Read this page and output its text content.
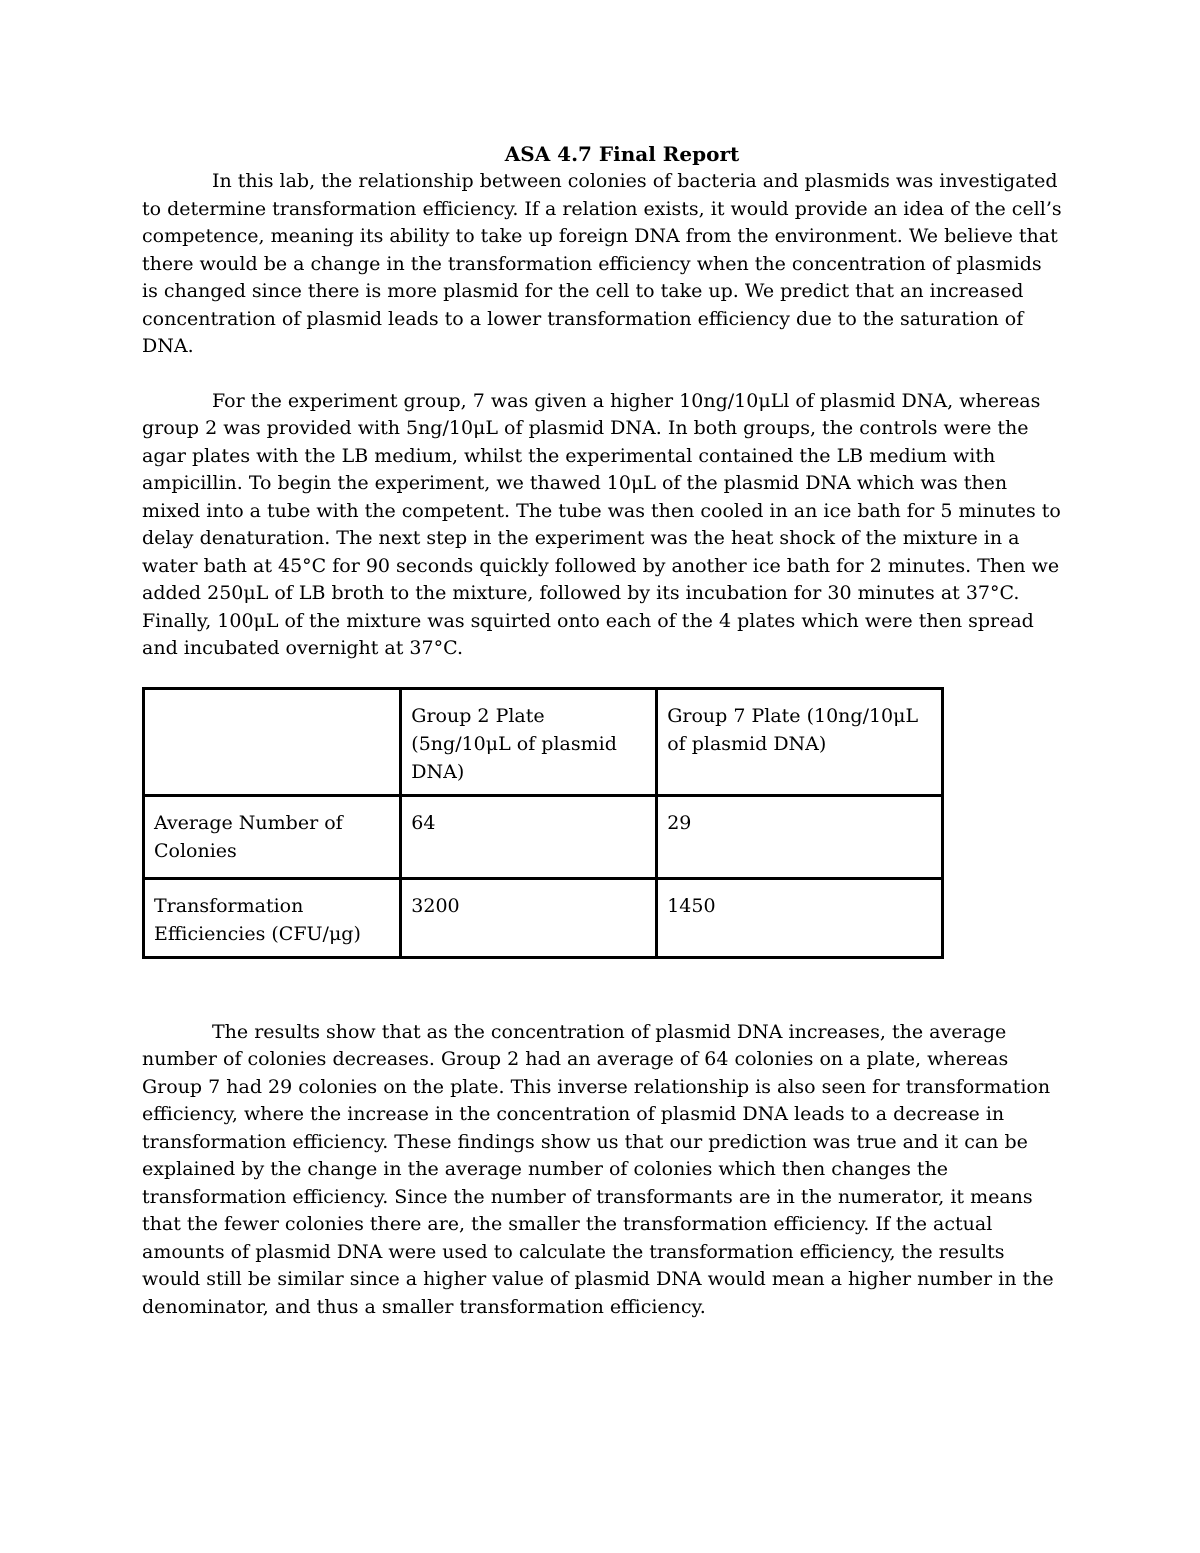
ASA 4.7 Final Report

In this lab, the relationship between colonies of bacteria and plasmids was investigated to determine transformation efficiency. If a relation exists, it would provide an idea of the cell’s competence, meaning its ability to take up foreign DNA from the environment. We believe that there would be a change in the transformation efficiency when the concentration of plasmids is changed since there is more plasmid for the cell to take up. We predict that an increased concentration of plasmid leads to a lower transformation efficiency due to the saturation of DNA.

For the experiment group, 7 was given a higher 10ng/10μLl of plasmid DNA, whereas group 2 was provided with 5ng/10μL of plasmid DNA. In both groups, the controls were the agar plates with the LB medium, whilst the experimental contained the LB medium with ampicillin. To begin the experiment, we thawed 10μL of the plasmid DNA which was then mixed into a tube with the competent. The tube was then cooled in an ice bath for 5 minutes to delay denaturation. The next step in the experiment was the heat shock of the mixture in a water bath at 45°C for 90 seconds quickly followed by another ice bath for 2 minutes. Then we added 250μL of LB broth to the mixture, followed by its incubation for 30 minutes at 37°C. Finally, 100μL of the mixture was squirted onto each of the 4 plates which were then spread and incubated overnight at 37°C.

	Group 2 Plate (5ng/10μL of plasmid DNA)	Group 7 Plate (10ng/10μL of plasmid DNA)
Average Number of Colonies	64	29
Transformation Efficiencies (CFU/μg)	3200	1450

The results show that as the concentration of plasmid DNA increases, the average number of colonies decreases. Group 2 had an average of 64 colonies on a plate, whereas Group 7 had 29 colonies on the plate. This inverse relationship is also seen for transformation efficiency, where the increase in the concentration of plasmid DNA leads to a decrease in transformation efficiency. These findings show us that our prediction was true and it can be explained by the change in the average number of colonies which then changes the transformation efficiency. Since the number of transformants are in the numerator, it means that the fewer colonies there are, the smaller the transformation efficiency. If the actual amounts of plasmid DNA were used to calculate the transformation efficiency, the results would still be similar since a higher value of plasmid DNA would mean a higher number in the denominator, and thus a smaller transformation efficiency.
